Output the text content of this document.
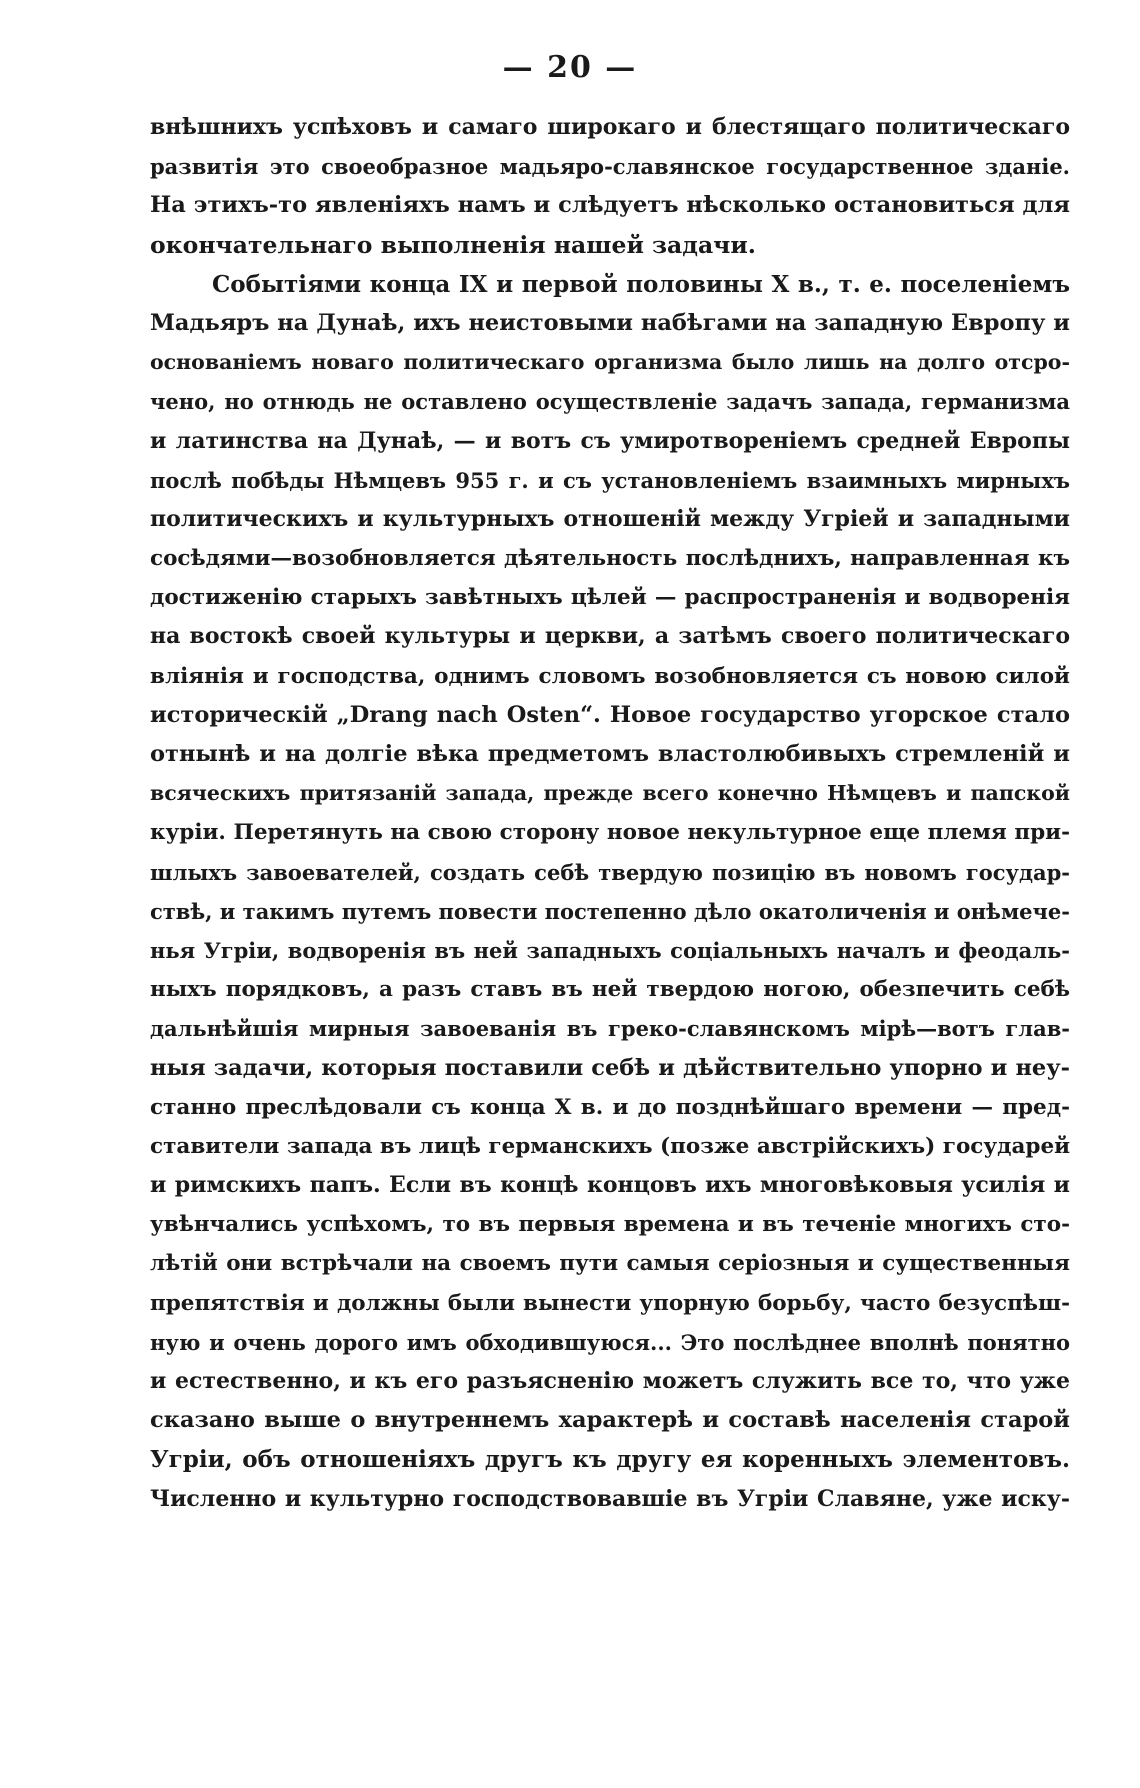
— 20 —
внѣшнихъ успѣховъ и самаго широкаго и блестящаго политическаго
развитія это своеобразное мадьяро-славянское государственное зданіе.
На этихъ-то явленіяхъ намъ и слѣдуетъ нѣсколько остановиться для
окончательнаго выполненія нашей задачи.
Событіями конца IX и первой половины X в., т. е. поселеніемъ
Мадьяръ на Дунаѣ, ихъ неистовыми набѣгами на западную Европу и
основаніемъ новаго политическаго организма было лишь на долго отсро-
чено, но отнюдь не оставлено осуществленіе задачъ запада, германизма
и латинства на Дунаѣ, — и вотъ съ умиротвореніемъ средней Европы
послѣ побѣды Нѣмцевъ 955 г. и съ установленіемъ взаимныхъ мирныхъ
политическихъ и культурныхъ отношеній между Угріей и западными
сосѣдями—возобновляется дѣятельность послѣднихъ, направленная къ
достиженію старыхъ завѣтныхъ цѣлей — распространенія и водворенія
на востокѣ своей культуры и церкви, а затѣмъ своего политическаго
вліянія и господства, однимъ словомъ возобновляется съ новою силой
историческій „Drang nach Osten“. Новое государство угорское стало
отнынѣ и на долгіе вѣка предметомъ властолюбивыхъ стремленій и
всяческихъ притязаній запада, прежде всего конечно Нѣмцевъ и папской
куріи. Перетянуть на свою сторону новое некультурное еще племя при-
шлыхъ завоевателей, создать себѣ твердую позицію въ новомъ государ-
ствѣ, и такимъ путемъ повести постепенно дѣло окатоличенія и онѣмече-
нья Угріи, водворенія въ ней западныхъ соціальныхъ началъ и феодаль-
ныхъ порядковъ, а разъ ставъ въ ней твердою ногою, обезпечить себѣ
дальнѣйшія мирныя завоеванія въ греко-славянскомъ мірѣ—вотъ глав-
ныя задачи, которыя поставили себѣ и дѣйствительно упорно и неу-
станно преслѣдовали съ конца X в. и до позднѣйшаго времени — пред-
ставители запада въ лицѣ германскихъ (позже австрійскихъ) государей
и римскихъ папъ. Если въ концѣ концовъ ихъ многовѣковыя усилія и
увѣнчались успѣхомъ, то въ первыя времена и въ теченіе многихъ сто-
лѣтій они встрѣчали на своемъ пути самыя серіозныя и существенныя
препятствія и должны были вынести упорную борьбу, часто безуспѣш-
ную и очень дорого имъ обходившуюся... Это послѣднее вполнѣ понятно
и естественно, и къ его разъясненію можетъ служить все то, что уже
сказано выше о внутреннемъ характерѣ и составѣ населенія старой
Угріи, объ отношеніяхъ другъ къ другу ея коренныхъ элементовъ.
Численно и культурно господствовавшіе въ Угріи Славяне, уже иску-
